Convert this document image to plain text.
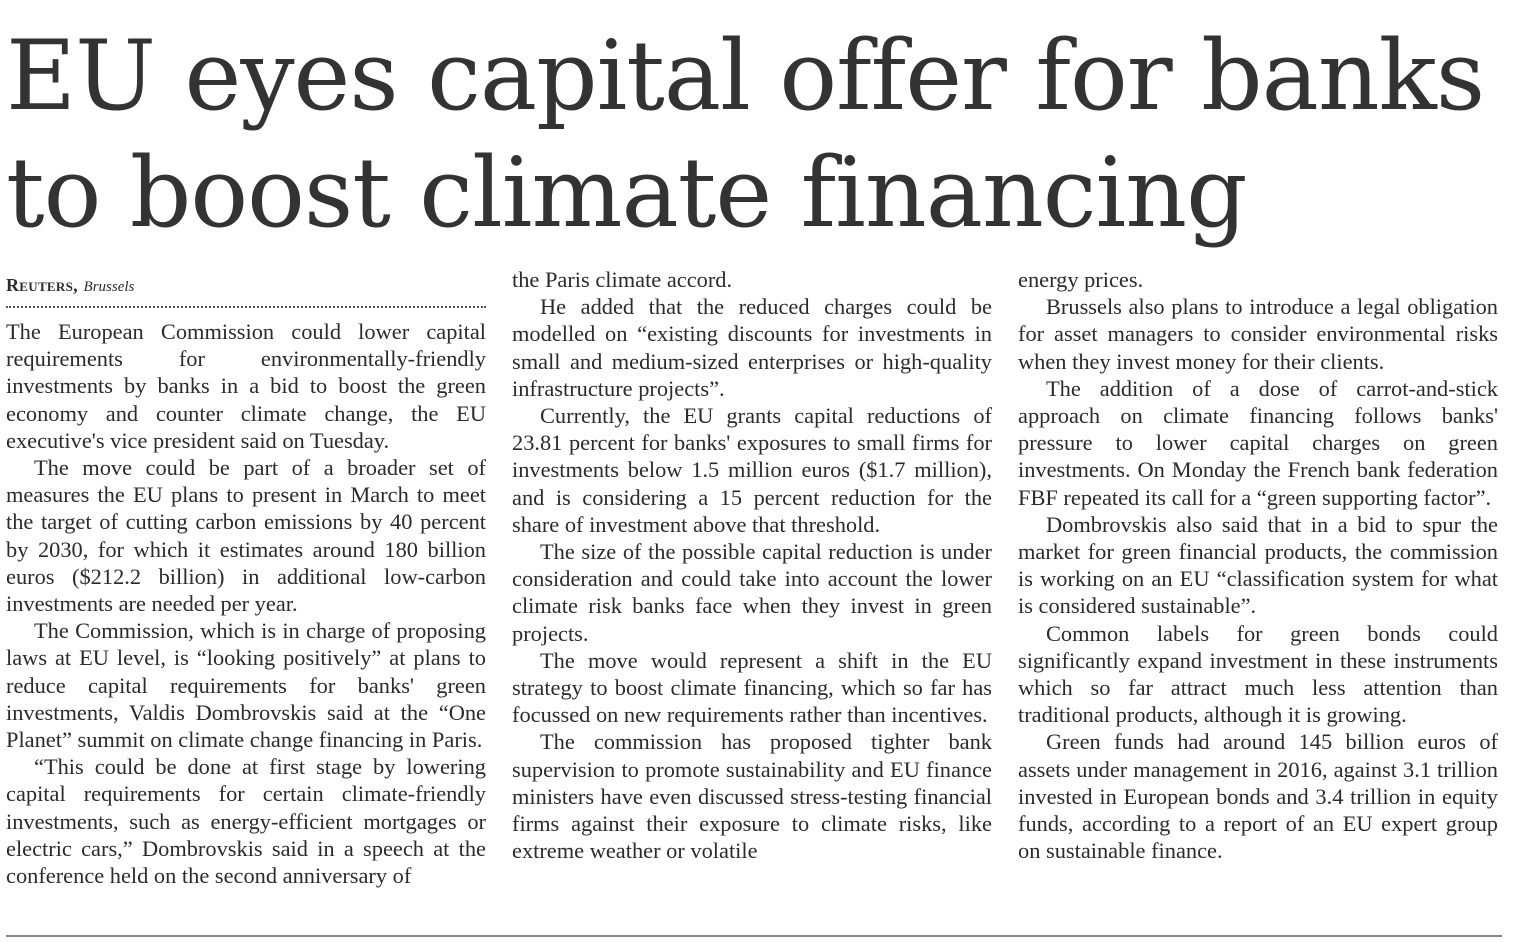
EU eyes capital offer for banks
to boost climate financing
Reuters, Brussels

The European Commission could lower capital requirements for environmentally-friendly investments by banks in a bid to boost the green economy and counter climate change, the EU executive's vice president said on Tuesday.

The move could be part of a broader set of measures the EU plans to present in March to meet the target of cutting carbon emissions by 40 percent by 2030, for which it estimates around 180 billion euros ($212.2 billion) in additional low-carbon investments are needed per year.

The Commission, which is in charge of proposing laws at EU level, is “looking positively” at plans to reduce capital requirements for banks' green investments, Valdis Dombrovskis said at the “One Planet” summit on climate change financing in Paris.

“This could be done at first stage by lowering capital requirements for certain climate-friendly investments, such as energy-efficient mortgages or electric cars,” Dombrovskis said in a speech at the conference held on the second anniversary of

the Paris climate accord.

He added that the reduced charges could be modelled on “existing discounts for investments in small and medium-sized enterprises or high-quality infrastructure projects”.

Currently, the EU grants capital reductions of 23.81 percent for banks' exposures to small firms for investments below 1.5 million euros ($1.7 million), and is considering a 15 percent reduction for the share of investment above that threshold.

The size of the possible capital reduction is under consideration and could take into account the lower climate risk banks face when they invest in green projects.

The move would represent a shift in the EU strategy to boost climate financing, which so far has focussed on new requirements rather than incentives.

The commission has proposed tighter bank supervision to promote sustainability and EU finance ministers have even discussed stress-testing financial firms against their exposure to climate risks, like extreme weather or volatile

energy prices.

Brussels also plans to introduce a legal obligation for asset managers to consider environmental risks when they invest money for their clients.

The addition of a dose of carrot-and-stick approach on climate financing follows banks' pressure to lower capital charges on green investments. On Monday the French bank federation FBF repeated its call for a “green supporting factor”.

Dombrovskis also said that in a bid to spur the market for green financial products, the commission is working on an EU “classification system for what is considered sustainable”.

Common labels for green bonds could significantly expand investment in these instruments which so far attract much less attention than traditional products, although it is growing.

Green funds had around 145 billion euros of assets under management in 2016, against 3.1 trillion invested in European bonds and 3.4 trillion in equity funds, according to a report of an EU expert group on sustainable finance.
